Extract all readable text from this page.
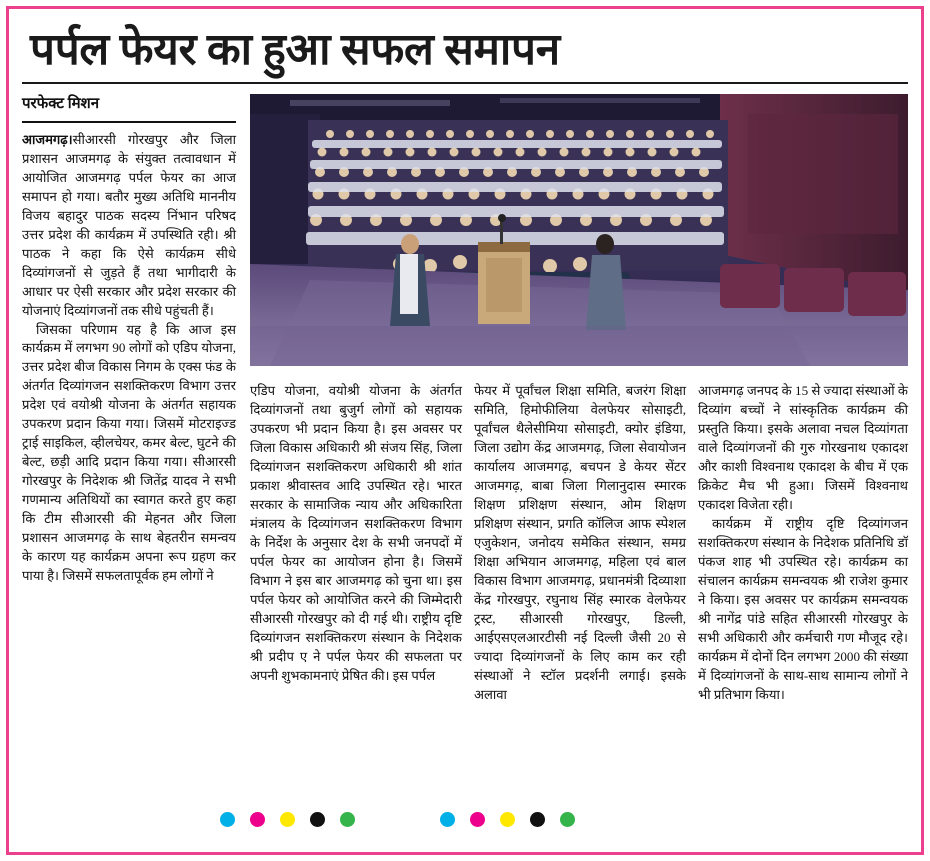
पर्पल फेयर का हुआ सफल समापन
परफेक्ट मिशन

आजमगढ़।सीआरसी गोरखपुर और जिला प्रशासन आजमगढ़ के संयुक्त तत्वावधान में आयोजित आजमगढ़ पर्पल फेयर का आज समापन हो गया। बतौर मुख्य अतिथि माननीय विजय बहादुर पाठक सदस्य निंभान परिषद उत्तर प्रदेश की कार्यक्रम में उपस्थिति रही। श्री पाठक ने कहा कि ऐसे कार्यक्रम सीधे दिव्यांगजनों से जुड़ते हैं तथा भागीदारी के आधार पर ऐसी सरकार और प्रदेश सरकार की योजनाएं दिव्यांगजनों तक सीधे पहुंचती हैं।

जिसका परिणाम यह है कि आज इस कार्यक्रम में लगभग 90 लोगों को एडिप योजना, उत्तर प्रदेश बीज विकास निगम के एक्स फंड के अंतर्गत दिव्यांगजन सशक्तिकरण विभाग उत्तर प्रदेश एवं वयोश्री योजना के अंतर्गत सहायक उपकरण प्रदान किया गया। जिसमें मोटराइज्ड ट्राई साइकिल, व्हीलचेयर, कमर बेल्ट, घुटने की बेल्ट, छड़ी आदि प्रदान किया गया। सीआरसी गोरखपुर के निदेशक श्री जितेंद्र यादव ने सभी गणमान्य अतिथियों का स्वागत करते हुए कहा कि टीम सीआरसी की मेहनत और जिला प्रशासन आजमगढ़ के साथ बेहतरीन समन्वय के कारण यह कार्यक्रम अपना रूप ग्रहण कर पाया है। जिसमें सफलतापूर्वक हम लोगों ने

एडिप योजना, वयोश्री योजना के अंतर्गत दिव्यांगजनों तथा बुजुर्ग लोगों को सहायक उपकरण भी प्रदान किया है। इस अवसर पर जिला विकास अधिकारी श्री संजय सिंह, जिला दिव्यांगजन सशक्तिकरण अधिकारी श्री शांत प्रकाश श्रीवास्तव आदि उपस्थित रहे। भारत सरकार के सामाजिक न्याय और अधिकारिता मंत्रालय के दिव्यांगजन सशक्तिकरण विभाग के निर्देश के अनुसार देश के सभी जनपदों में पर्पल फेयर का आयोजन होना है। जिसमें विभाग ने इस बार आजमगढ़ को चुना था। इस पर्पल फेयर को आयोजित करने की जिम्मेदारी सीआरसी गोरखपुर को दी गई थी। राष्ट्रीय दृष्टि दिव्यांगजन सशक्तिकरण संस्थान के निदेशक श्री प्रदीप ए ने पर्पल फेयर की सफलता पर अपनी शुभकामनाएं प्रेषित की। इस पर्पल

फेयर में पूर्वांचल शिक्षा समिति, बजरंग शिक्षा समिति, हिमोफीलिया वेलफेयर सोसाइटी, पूर्वांचल थैलेसीमिया सोसाइटी, क्योर इंडिया, जिला उद्योग केंद्र आजमगढ़, जिला सेवायोजन कार्यालय आजमगढ़, बचपन डे केयर सेंटर आजमगढ़, बाबा जिला गिलानुदास स्मारक शिक्षण प्रशिक्षण संस्थान, ओम शिक्षण प्रशिक्षण संस्थान, प्रगति कॉलिज आफ स्पेशल एजुकेशन, जनोदय समेकित संस्थान, समग्र शिक्षा अभियान आजमगढ़, महिला एवं बाल विकास विभाग आजमगढ़, प्रधानमंत्री दिव्याशा केंद्र गोरखपुर, रघुनाथ सिंह स्मारक वेलफेयर ट्रस्ट, सीआरसी गोरखपुर, डिल्ली, आईएसएलआरटीसी नई दिल्ली जैसी 20 से ज्यादा दिव्यांगजनों के लिए काम कर रही संस्थाओं ने स्टॉल प्रदर्शनी लगाई। इसके अलावा

आजमगढ़ जनपद के 15 से ज्यादा संस्थाओं के दिव्यांग बच्चों ने सांस्कृतिक कार्यक्रम की प्रस्तुति किया। इसके अलावा नचल दिव्यांगता वाले दिव्यांगजनों की गुरु गोरखनाथ एकादश और काशी विश्वनाथ एकादश के बीच में एक क्रिकेट मैच भी हुआ। जिसमें विश्वनाथ एकादश विजेता रही।

कार्यक्रम में राष्ट्रीय दृष्टि दिव्यांगजन सशक्तिकरण संस्थान के निदेशक प्रतिनिधि डॉ पंकज शाह भी उपस्थित रहे। कार्यक्रम का संचालन कार्यक्रम समन्वयक श्री राजेश कुमार ने किया। इस अवसर पर कार्यक्रम समन्वयक श्री नागेंद्र पांडे सहित सीआरसी गोरखपुर के सभी अधिकारी और कर्मचारी गण मौजूद रहे। कार्यक्रम में दोनों दिन लगभग 2000 की संख्या में दिव्यांगजनों के साथ-साथ सामान्य लोगों ने भी प्रतिभाग किया।
